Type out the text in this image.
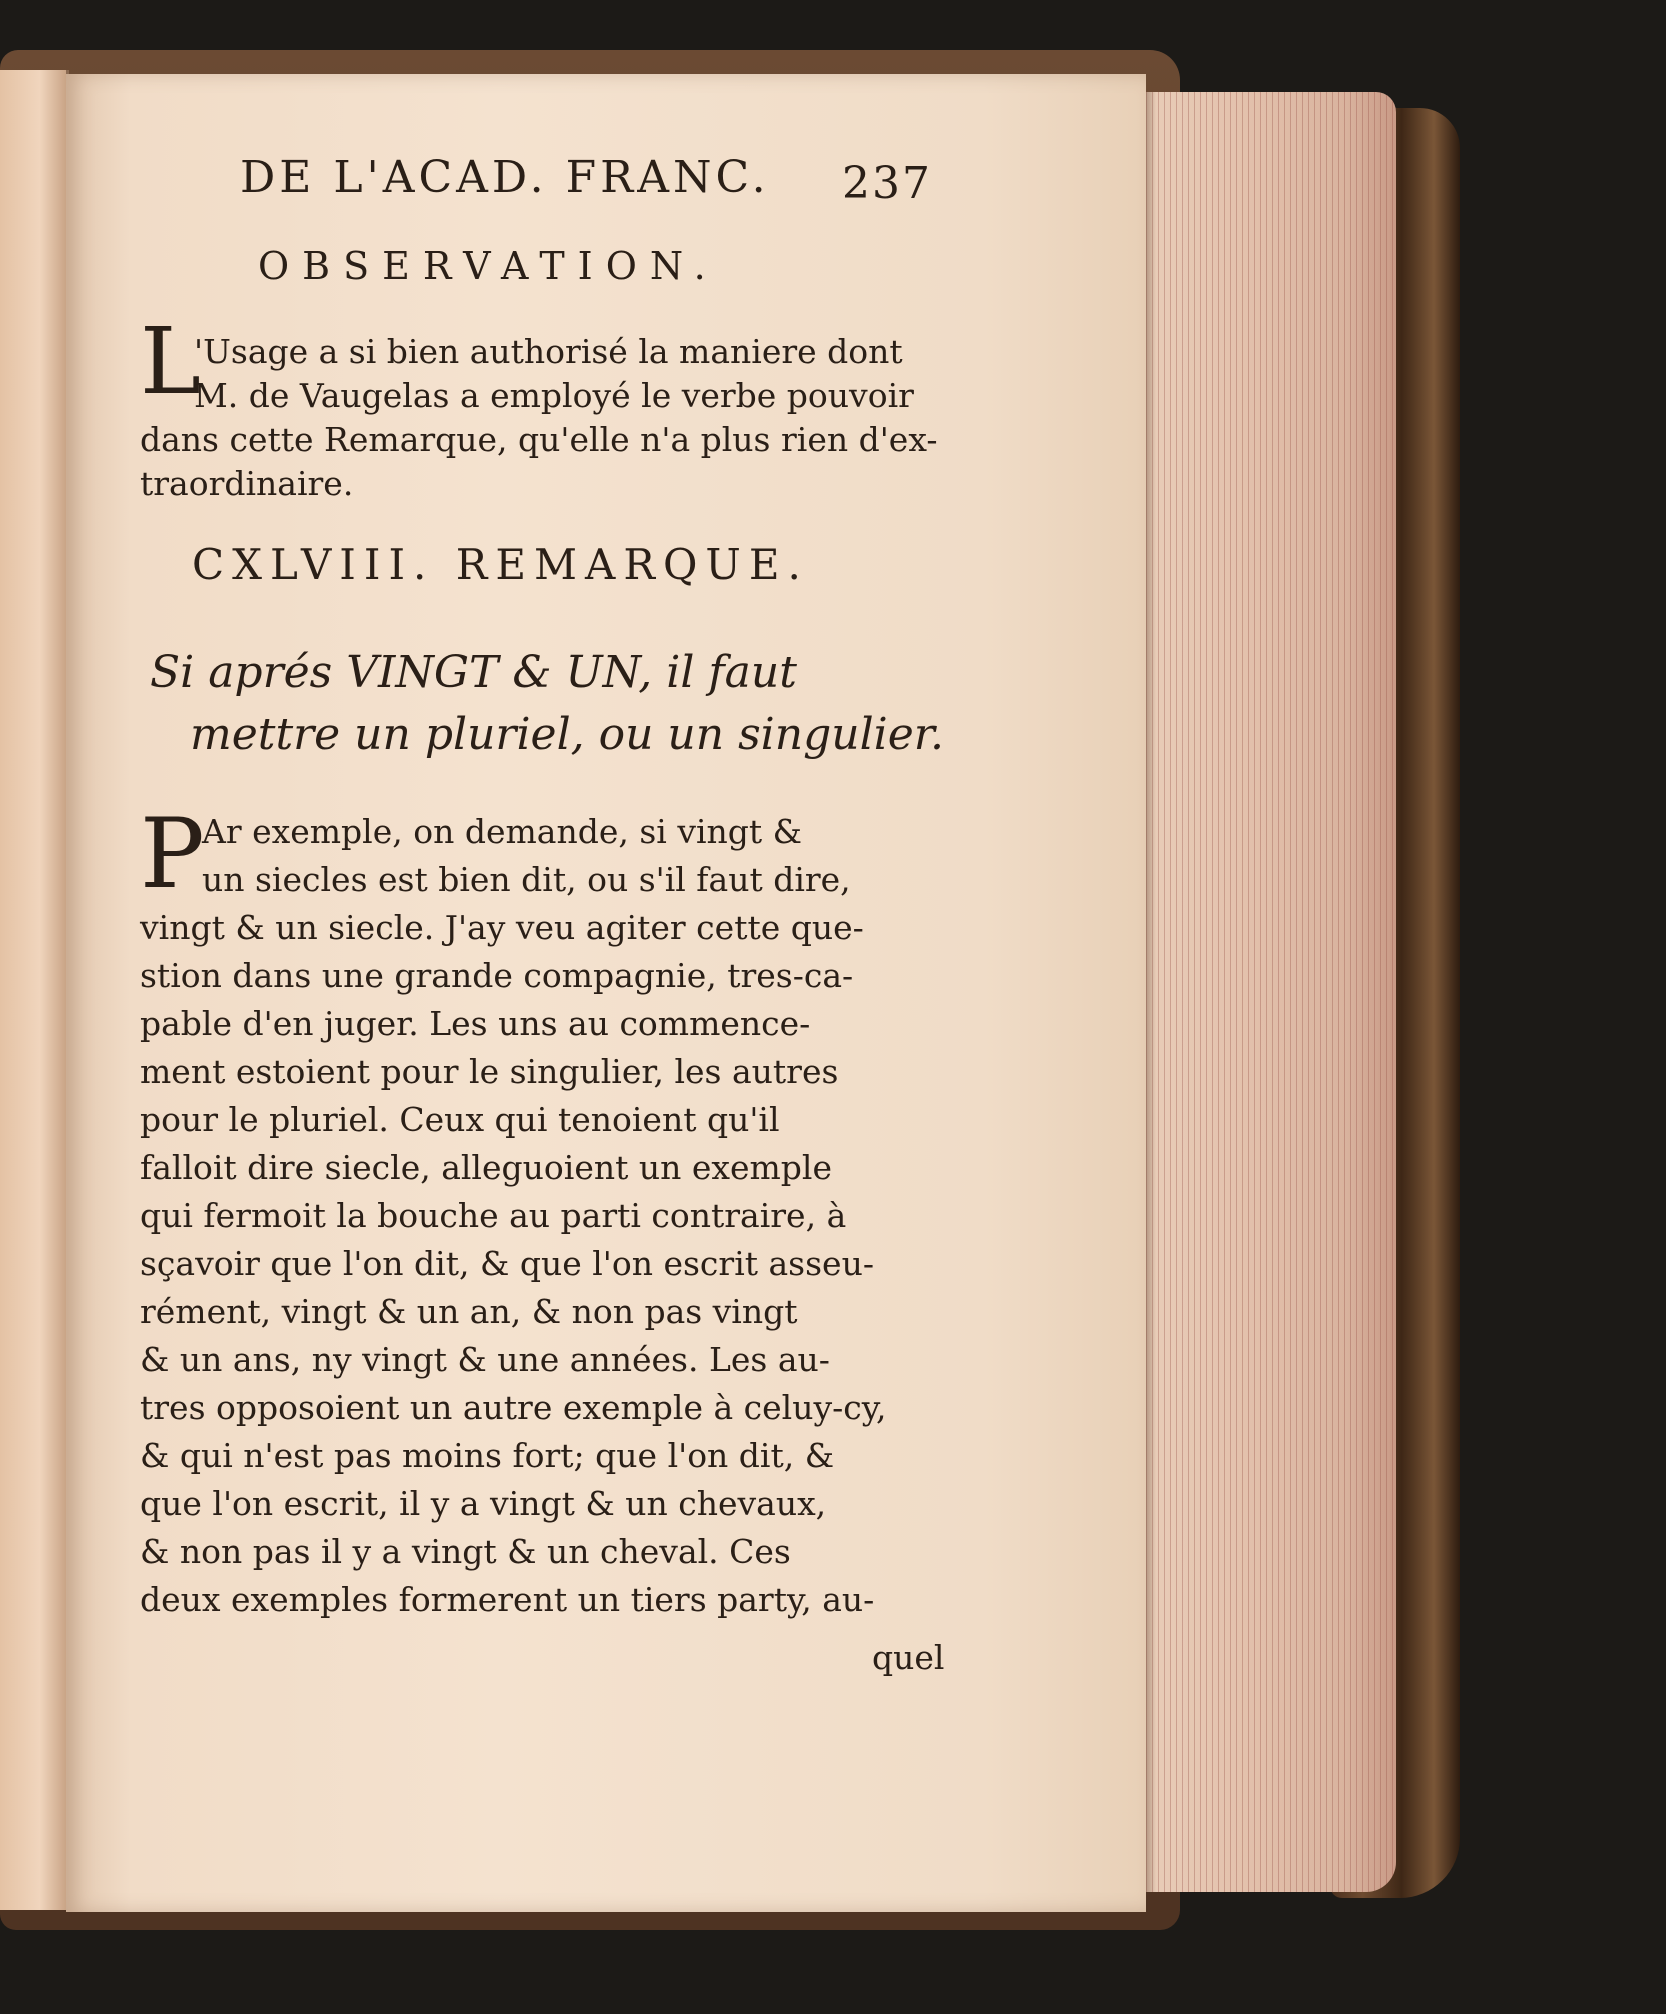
DE L'ACAD. FRANC.	237
OBSERVATION.
L
'Usage a si bien authorisé la maniere dont
M. de Vaugelas a employé le verbe pouvoir
dans cette Remarque, qu'elle n'a plus rien d'ex-
traordinaire.
CXLVIII. REMARQUE.
Si aprés VINGT & UN, il faut
mettre un pluriel, ou un singulier.
P
Ar exemple, on demande, si vingt &
un siecles est bien dit, ou s'il faut dire,
vingt & un siecle. J'ay veu agiter cette que-
stion dans une grande compagnie, tres-ca-
pable d'en juger. Les uns au commence-
ment estoient pour le singulier, les autres
pour le pluriel. Ceux qui tenoient qu'il
falloit dire siecle, alleguoient un exemple
qui fermoit la bouche au parti contraire, à
sçavoir que l'on dit, & que l'on escrit asseu-
rément, vingt & un an, & non pas vingt
& un ans, ny vingt & une années. Les au-
tres opposoient un autre exemple à celuy-cy,
& qui n'est pas moins fort; que l'on dit, &
que l'on escrit, il y a vingt & un chevaux,
& non pas il y a vingt & un cheval. Ces
deux exemples formerent un tiers party, au-
quel
